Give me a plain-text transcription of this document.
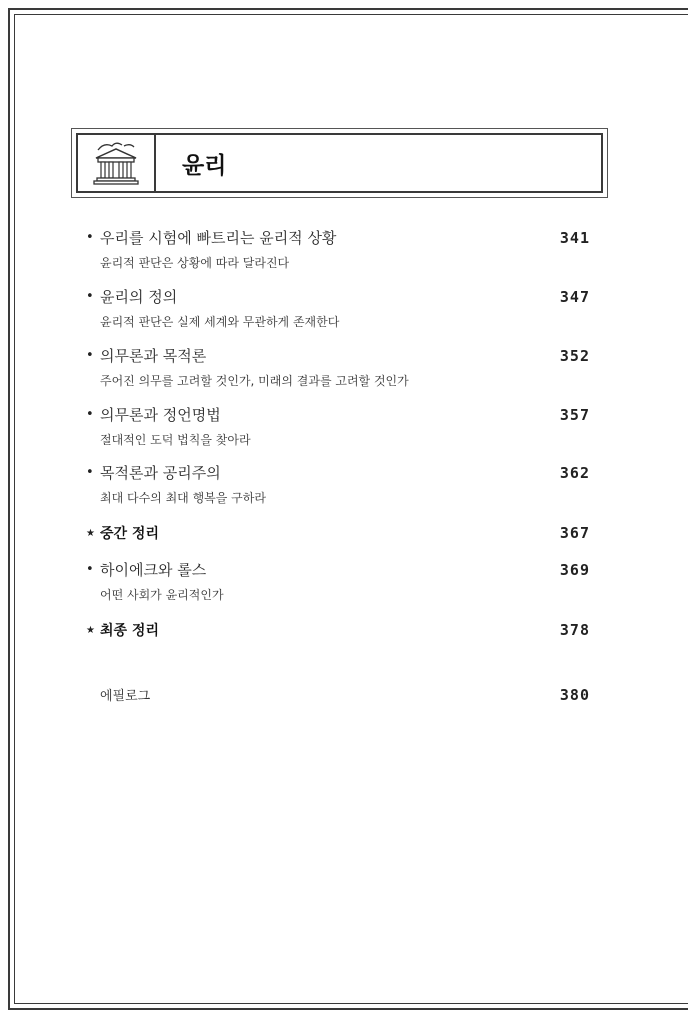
윤리
• 우리를 시험에 빠트리는 윤리적 상황	341
윤리적 판단은 상황에 따라 달라진다
• 윤리의 정의	347
윤리적 판단은 실제 세계와 무관하게 존재한다
• 의무론과 목적론	352
주어진 의무를 고려할 것인가, 미래의 결과를 고려할 것인가
• 의무론과 정언명법	357
절대적인 도덕 법칙을 찾아라
• 목적론과 공리주의	362
최대 다수의 최대 행복을 구하라
★ 중간 정리	367
• 하이에크와 롤스	369
어떤 사회가 윤리적인가
★ 최종 정리	378
에필로그	380
